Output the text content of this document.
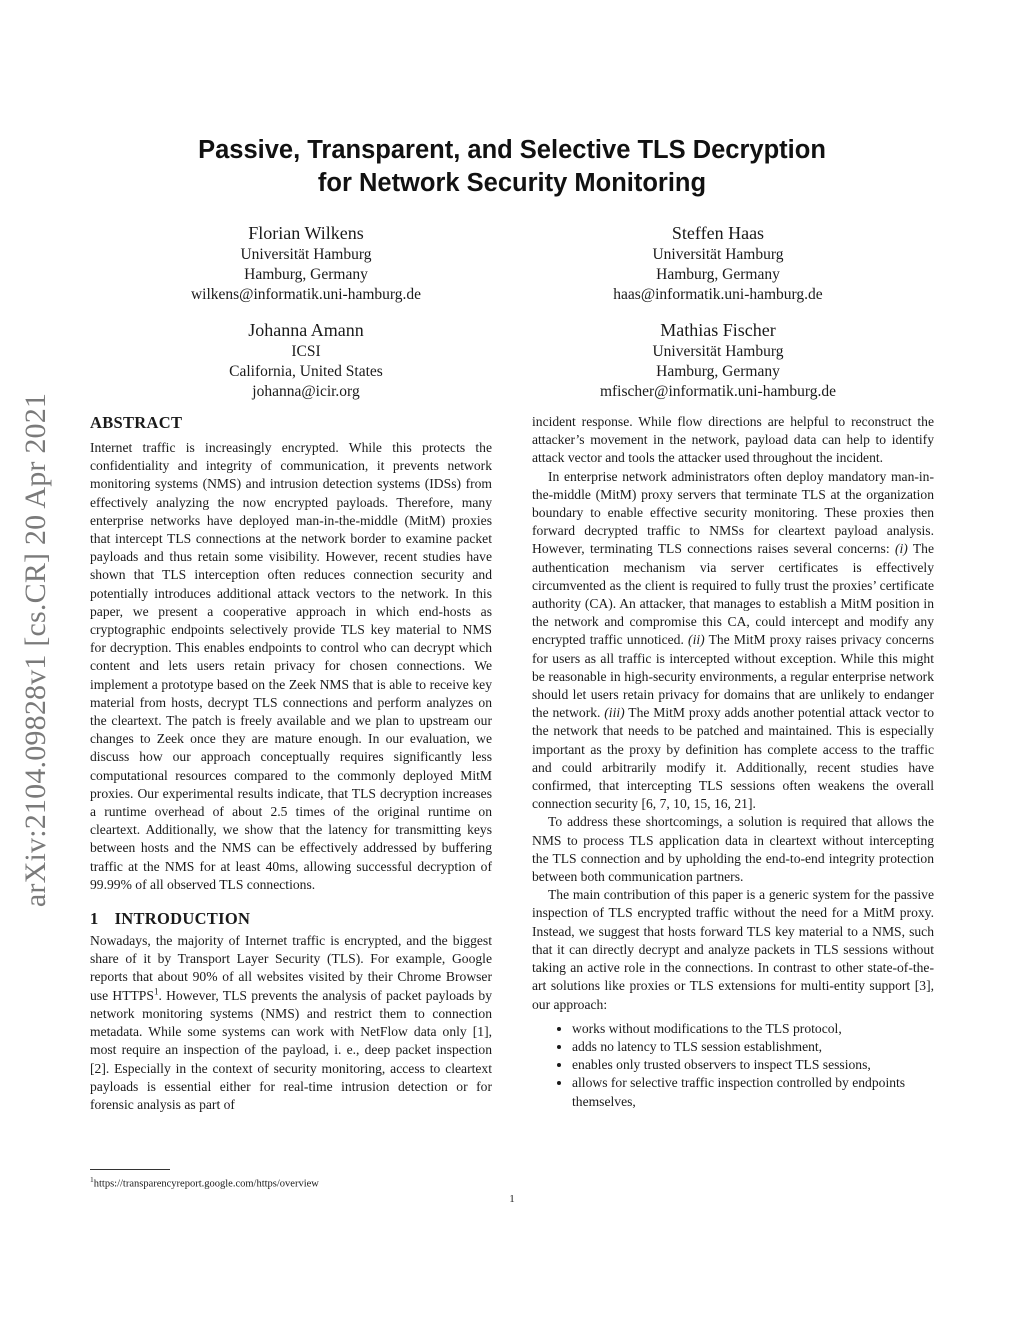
arXiv:2104.09828v1 [cs.CR] 20 Apr 2021
Passive, Transparent, and Selective TLS Decryption
for Network Security Monitoring
Florian Wilkens
Universität Hamburg
Hamburg, Germany
wilkens@informatik.uni-hamburg.de
Steffen Haas
Universität Hamburg
Hamburg, Germany
haas@informatik.uni-hamburg.de
Johanna Amann
ICSI
California, United States
johanna@icir.org
Mathias Fischer
Universität Hamburg
Hamburg, Germany
mfischer@informatik.uni-hamburg.de
ABSTRACT

Internet traffic is increasingly encrypted. While this protects the confidentiality and integrity of communication, it prevents network monitoring systems (NMS) and intrusion detection systems (IDSs) from effectively analyzing the now encrypted payloads. Therefore, many enterprise networks have deployed man-in-the-middle (MitM) proxies that intercept TLS connections at the network border to examine packet payloads and thus retain some visibility. However, recent studies have shown that TLS interception often reduces connection security and potentially introduces additional attack vectors to the network. In this paper, we present a cooperative approach in which end-hosts as cryptographic endpoints selectively provide TLS key material to NMS for decryption. This enables endpoints to control who can decrypt which content and lets users retain privacy for chosen connections. We implement a prototype based on the Zeek NMS that is able to receive key material from hosts, decrypt TLS connections and perform analyzes on the cleartext. The patch is freely available and we plan to upstream our changes to Zeek once they are mature enough. In our evaluation, we discuss how our approach conceptually requires significantly less computational resources compared to the commonly deployed MitM proxies. Our experimental results indicate, that TLS decryption increases a runtime overhead of about 2.5 times of the original runtime on cleartext. Additionally, we show that the latency for transmitting keys between hosts and the NMS can be effectively addressed by buffering traffic at the NMS for at least 40ms, allowing successful decryption of 99.99% of all observed TLS connections.

1 INTRODUCTION

Nowadays, the majority of Internet traffic is encrypted, and the biggest share of it by Transport Layer Security (TLS). For example, Google reports that about 90% of all websites visited by their Chrome Browser use HTTPS$^1$. However, TLS prevents the analysis of packet payloads by network monitoring systems (NMS) and restrict them to connection metadata. While some systems can work with NetFlow data only [1], most require an inspection of the payload, i. e., deep packet inspection [2]. Especially in the context of security monitoring, access to cleartext payloads is essential either for real-time intrusion detection or for forensic analysis as part of

incident response. While flow directions are helpful to reconstruct the attacker’s movement in the network, payload data can help to identify attack vector and tools the attacker used throughout the incident.

In enterprise network administrators often deploy mandatory man-in-the-middle (MitM) proxy servers that terminate TLS at the organization boundary to enable effective security monitoring. These proxies then forward decrypted traffic to NMSs for cleartext payload analysis. However, terminating TLS connections raises several concerns: (i) The authentication mechanism via server certificates is effectively circumvented as the client is required to fully trust the proxies’ certificate authority (CA). An attacker, that manages to establish a MitM position in the network and compromise this CA, could intercept and modify any encrypted traffic unnoticed. (ii) The MitM proxy raises privacy concerns for users as all traffic is intercepted without exception. While this might be reasonable in high-security environments, a regular enterprise network should let users retain privacy for domains that are unlikely to endanger the network. (iii) The MitM proxy adds another potential attack vector to the network that needs to be patched and maintained. This is especially important as the proxy by definition has complete access to the traffic and could arbitrarily modify it. Additionally, recent studies have confirmed, that intercepting TLS sessions often weakens the overall connection security [6, 7, 10, 15, 16, 21].

To address these shortcomings, a solution is required that allows the NMS to process TLS application data in cleartext without intercepting the TLS connection and by upholding the end-to-end integrity protection between both communication partners.

The main contribution of this paper is a generic system for the passive inspection of TLS encrypted traffic without the need for a MitM proxy. Instead, we suggest that hosts forward TLS key material to a NMS, such that it can directly decrypt and analyze packets in TLS sessions without taking an active role in the connections. In contrast to other state-of-the-art solutions like proxies or TLS extensions for multi-entity support [3], our approach:

• works without modifications to the TLS protocol,
• adds no latency to TLS session establishment,
• enables only trusted observers to inspect TLS sessions,
• allows for selective traffic inspection controlled by endpoints themselves,
$^1$https://transparencyreport.google.com/https/overview
1
